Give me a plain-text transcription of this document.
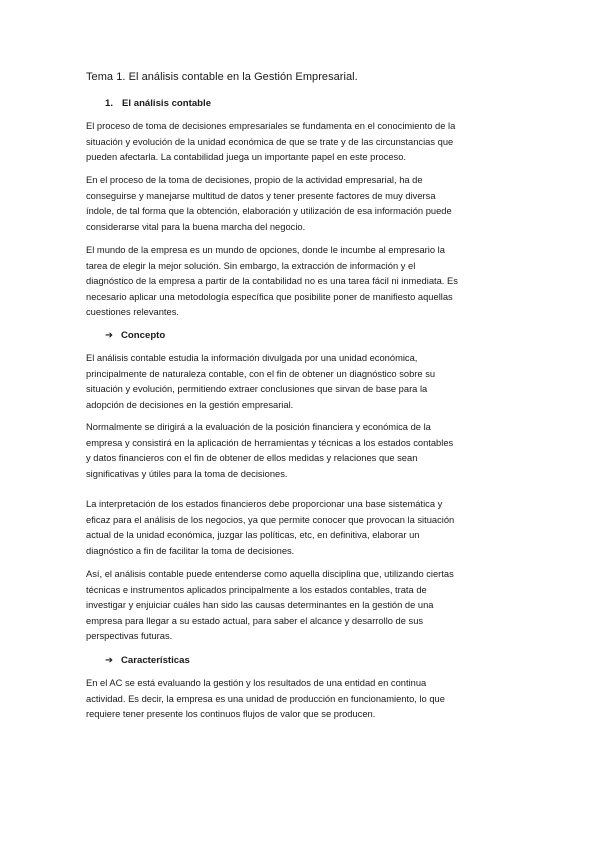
Tema 1. El análisis contable en la Gestión Empresarial.
1. El análisis contable

El proceso de toma de decisiones empresariales se fundamenta en el conocimiento de la
situación y evolución de la unidad económica de que se trate y de las circunstancias que
pueden afectarla. La contabilidad juega un importante papel en este proceso.

En el proceso de la toma de decisiones, propio de la actividad empresarial, ha de
conseguirse y manejarse multitud de datos y tener presente factores de muy diversa
índole, de tal forma que la obtención, elaboración y utilización de esa información puede
considerarse vital para la buena marcha del negocio.

El mundo de la empresa es un mundo de opciones, donde le incumbe al empresario la
tarea de elegir la mejor solución. Sin embargo, la extracción de información y el
diagnóstico de la empresa a partir de la contabilidad no es una tarea fácil ni inmediata. Es
necesario aplicar una metodología específica que posibilite poner de manifiesto aquellas
cuestiones relevantes.

➔ Concepto

El análisis contable estudia la información divulgada por una unidad económica,
principalmente de naturaleza contable, con el fin de obtener un diagnóstico sobre su
situación y evolución, permitiendo extraer conclusiones que sirvan de base para la
adopción de decisiones en la gestión empresarial.

Normalmente se dirigirá a la evaluación de la posición financiera y económica de la
empresa y consistirá en la aplicación de herramientas y técnicas a los estados contables
y datos financieros con el fin de obtener de ellos medidas y relaciones que sean
significativas y útiles para la toma de decisiones.

La interpretación de los estados financieros debe proporcionar una base sistemática y
eficaz para el análisis de los negocios, ya que permite conocer que provocan la situación
actual de la unidad económica, juzgar las políticas, etc, en definitiva, elaborar un
diagnóstico a fin de facilitar la toma de decisiones.

Así, el análisis contable puede entenderse como aquella disciplina que, utilizando ciertas
técnicas e instrumentos aplicados principalmente a los estados contables, trata de
investigar y enjuiciar cuáles han sido las causas determinantes en la gestión de una
empresa para llegar a su estado actual, para saber el alcance y desarrollo de sus
perspectivas futuras.

➔ Características

En el AC se está evaluando la gestión y los resultados de una entidad en continua
actividad. Es decir, la empresa es una unidad de producción en funcionamiento, lo que
requiere tener presente los continuos flujos de valor que se producen.
